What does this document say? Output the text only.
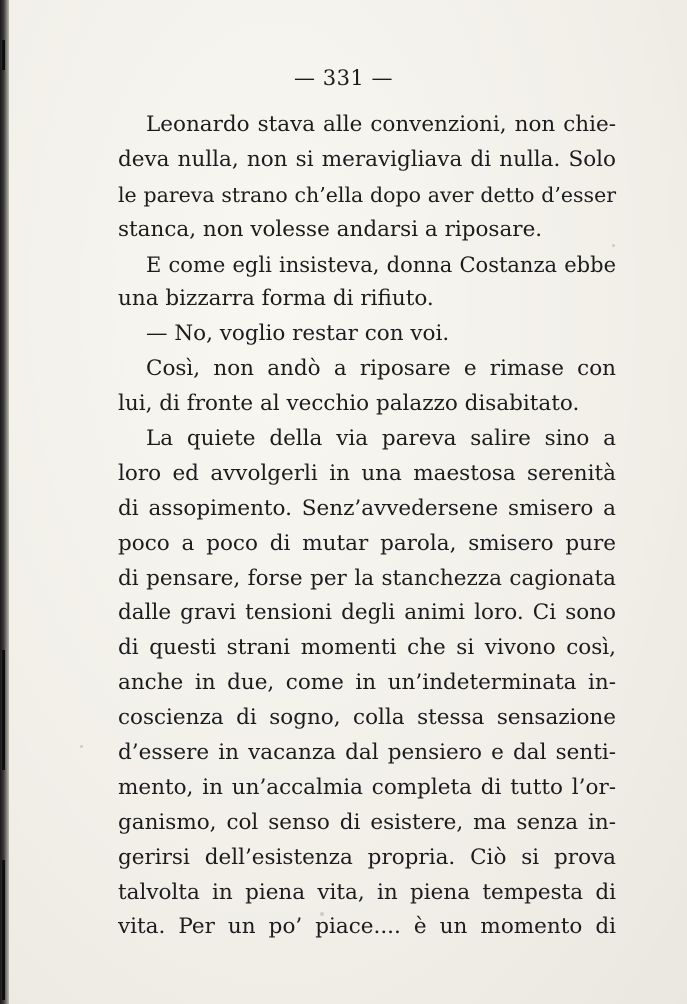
— 331 —
Leonardo stava alle convenzioni, non chie-
deva nulla, non si meravigliava di nulla. Solo
le pareva strano ch’ella dopo aver detto d’esser
stanca, non volesse andarsi a riposare.
E come egli insisteva, donna Costanza ebbe
una bizzarra forma di rifiuto.
— No, voglio restar con voi.
Così, non andò a riposare e rimase con
lui, di fronte al vecchio palazzo disabitato.
La quiete della via pareva salire sino a
loro ed avvolgerli in una maestosa serenità
di assopimento. Senz’avvedersene smisero a
poco a poco di mutar parola, smisero pure
di pensare, forse per la stanchezza cagionata
dalle gravi tensioni degli animi loro. Ci sono
di questi strani momenti che si vivono così,
anche in due, come in un’indeterminata in-
coscienza di sogno, colla stessa sensazione
d’essere in vacanza dal pensiero e dal senti-
mento, in un’accalmia completa di tutto l’or-
ganismo, col senso di esistere, ma senza in-
gerirsi dell’esistenza propria. Ciò si prova
talvolta in piena vita, in piena tempesta di
vita. Per un po’ piace.... è un momento di
